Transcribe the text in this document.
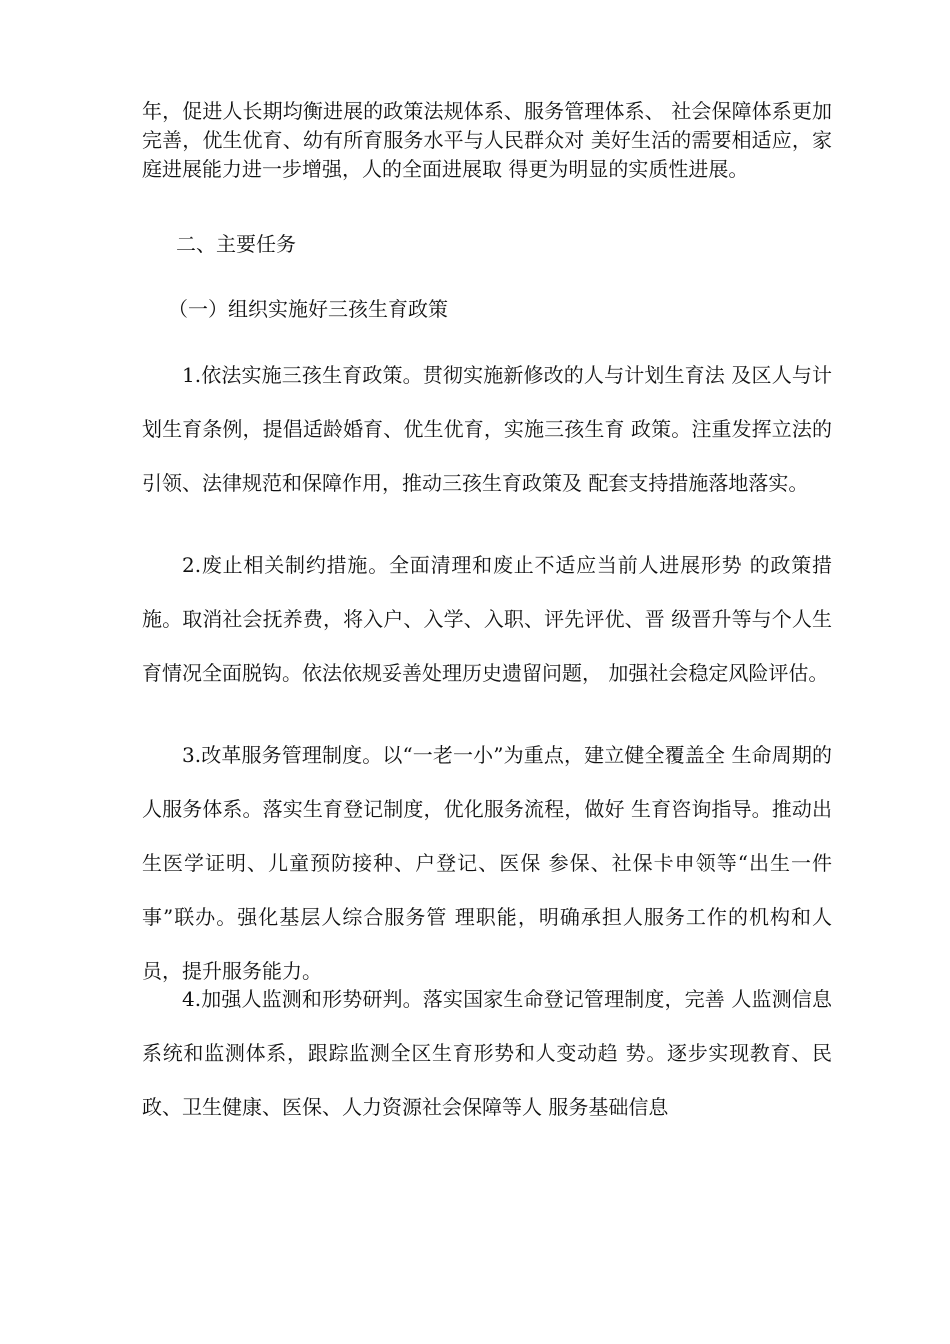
年，促进人长期均衡进展的政策法规体系、服务管理体系、 社会保障体系更加完善，优生优育、幼有所育服务水平与人民群众对 美好生活的需要相适应，家庭进展能力进一步增强，人的全面进展取 得更为明显的实质性进展。

二、主要任务

（一）组织实施好三孩生育政策

1.依法实施三孩生育政策。贯彻实施新修改的人与计划生育法 及区人与计划生育条例，提倡适龄婚育、优生优育，实施三孩生育 政策。注重发挥立法的引领、法律规范和保障作用，推动三孩生育政策及 配套支持措施落地落实。

2.废止相关制约措施。全面清理和废止不适应当前人进展形势 的政策措施。取消社会抚养费，将入户、入学、入职、评先评优、晋 级晋升等与个人生育情况全面脱钩。依法依规妥善处理历史遗留问题， 加强社会稳定风险评估。

3.改革服务管理制度。以“一老一小”为重点，建立健全覆盖全 生命周期的人服务体系。落实生育登记制度，优化服务流程，做好 生育咨询指导。推动出生医学证明、儿童预防接种、户登记、医保 参保、社保卡申领等“出生一件事”联办。强化基层人综合服务管 理职能，明确承担人服务工作的机构和人员，提升服务能力。

4.加强人监测和形势研判。落实国家生命登记管理制度，完善 人监测信息系统和监测体系，跟踪监测全区生育形势和人变动趋 势。逐步实现教育、民政、卫生健康、医保、人力资源社会保障等人 服务基础信息
